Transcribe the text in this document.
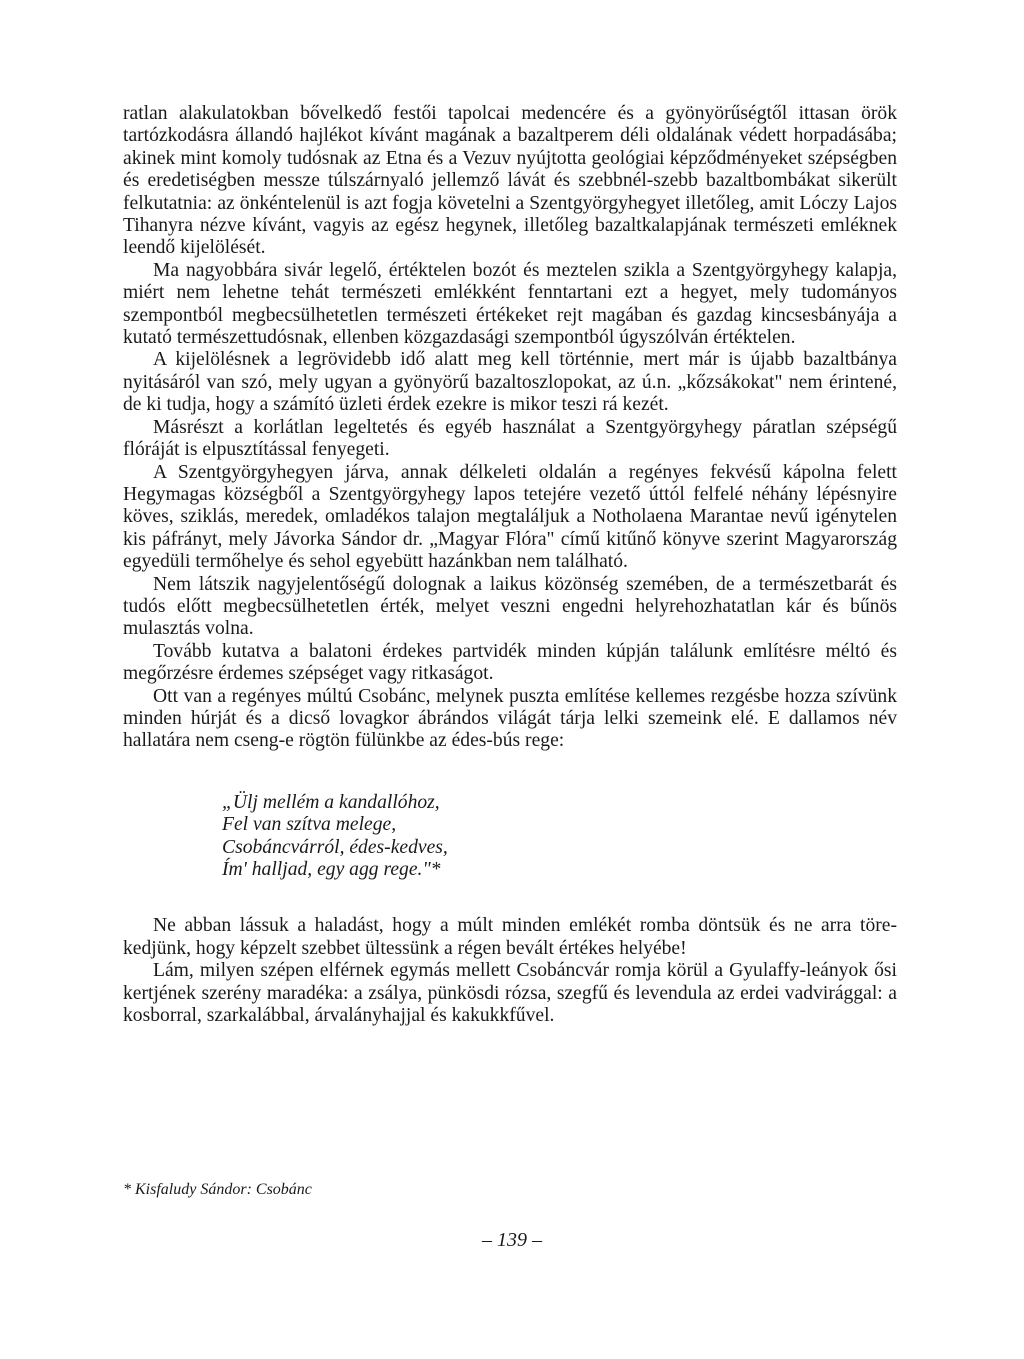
ratlan alakulatokban bővelkedő festői tapolcai medencére és a gyönyörűségtől ittasan örök tartózkodásra állandó hajlékot kívánt magának a bazaltperem déli oldalának védett horpadásába; akinek mint komoly tudósnak az Etna és a Vezuv nyújtotta geológiai képződményeket szépségben és eredetiségben messze túlszárnyaló jellemző lávát és szebbnél-szebb bazaltbombákat sikerült felkutatnia: az önkéntelenül is azt fogja követelni a Szentgyörgyhegyet illetőleg, amit Lóczy Lajos Tihanyra nézve kívánt, vagyis az egész hegynek, illetőleg bazaltkalapjának természeti emléknek leendő kijelölését.

Ma nagyobbára sivár legelő, értéktelen bozót és meztelen szikla a Szentgyörgyhegy kalapja, miért nem lehetne tehát természeti emlékként fenntartani ezt a hegyet, mely tudományos szempontból megbecsülhetetlen természeti értékeket rejt magában és gazdag kincsesbányája a kutató természettudósnak, ellenben közgazdasági szempontból úgyszólván értéktelen.

A kijelölésnek a legrövidebb idő alatt meg kell történnie, mert már is újabb bazaltbánya nyitásáról van szó, mely ugyan a gyönyörű bazaltoszlopokat, az ú.n. „kőzsákokat" nem érintené, de ki tudja, hogy a számító üzleti érdek ezekre is mikor teszi rá kezét.

Másrészt a korlátlan legeltetés és egyéb használat a Szentgyörgyhegy páratlan szépségű flóráját is elpusztítással fenyegeti.

A Szentgyörgyhegyen járva, annak délkeleti oldalán a regényes fekvésű kápolna felett Hegymagas községből a Szentgyörgyhegy lapos tetejére vezető úttól felfelé néhány lépésnyire köves, sziklás, meredek, omladékos talajon megtaláljuk a Notholaena Marantae nevű igénytelen kis páfrányt, mely Jávorka Sándor dr. „Magyar Flóra" című kitűnő könyve szerint Magyarország egyedüli termőhelye és sehol egyebütt hazánkban nem található.

Nem látszik nagyjelentőségű dolognak a laikus közönség szemében, de a természetbarát és tudós előtt megbecsülhetetlen érték, melyet veszni engedni helyrehozhatatlan kár és bűnös mulasztás volna.

Tovább kutatva a balatoni érdekes partvidék minden kúpján találunk említésre méltó és megőrzésre érdemes szépséget vagy ritkaságot.

Ott van a regényes múltú Csobánc, melynek puszta említése kellemes rezgésbe hozza szívünk minden húrját és a dicső lovagkor ábrándos világát tárja lelki szemeink elé. E dallamos név hallatára nem cseng-e rögtön fülünkbe az édes-bús rege:

„Ülj mellém a kandallóhoz,
Fel van szítva melege,
Csobáncvárról, édes-kedves,
Ím' halljad, egy agg rege."*

Ne abban lássuk a haladást, hogy a múlt minden emlékét romba döntsük és ne arra törekedjünk, hogy képzelt szebbet ültessünk a régen bevált értékes helyébe!

Lám, milyen szépen elférnek egymás mellett Csobáncvár romja körül a Gyulaffy-leányok ősi kertjének szerény maradéka: a zsálya, pünkösdi rózsa, szegfű és levendula az erdei vadvirággal: a kosborral, szarkalábbal, árvalányhajjal és kakukkfűvel.

* Kisfaludy Sándor: Csobánc
– 139 –
